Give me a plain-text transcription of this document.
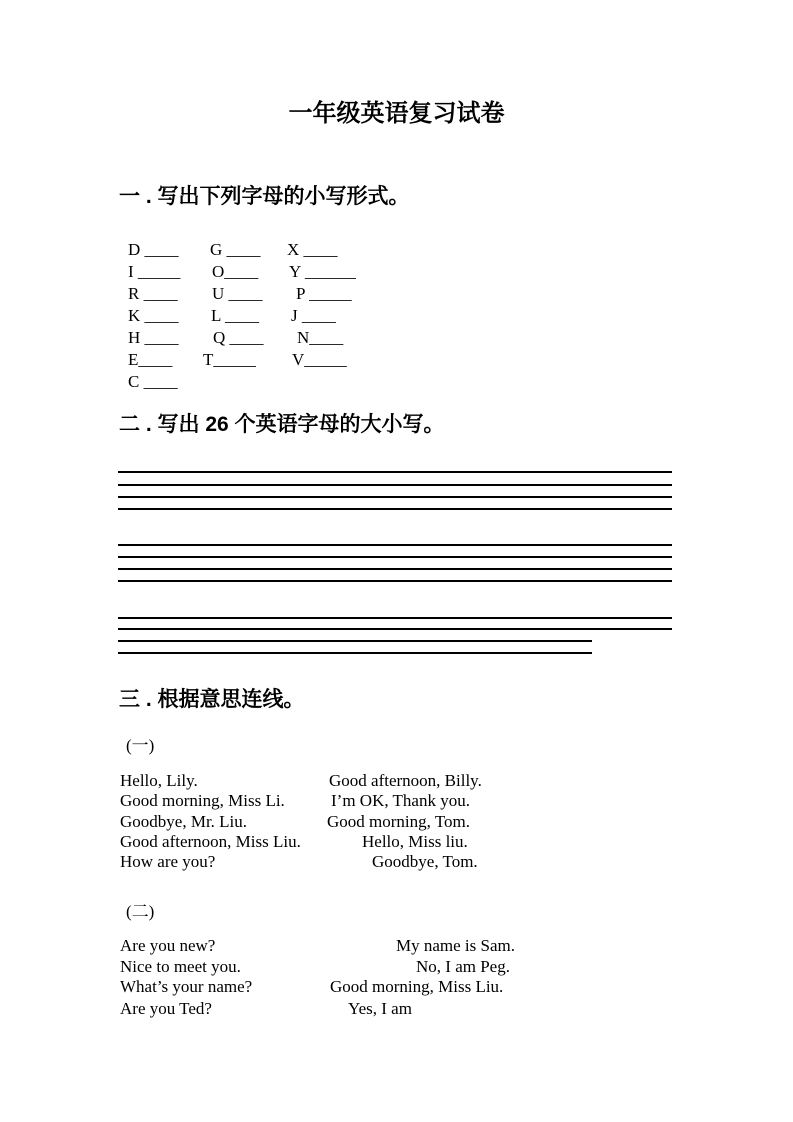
一年级英语复习试卷
一 . 写出下列字母的小写形式。
D ____ G ____ X ____
I _____ O____ Y ______
R ____ U ____ P _____
K ____ L ____ J ____
H ____ Q ____ N____
E____ T_____ V_____
C ____
二 . 写出 26 个英语字母的大小写。
三 . 根据意思连线。
(一)
Hello, Lily.	Good afternoon, Billy.
Good morning, Miss Li.	I’m OK, Thank you.
Goodbye, Mr. Liu.	Good morning, Tom.
Good afternoon, Miss Liu.	Hello, Miss liu.
How are you?	Goodbye, Tom.
(二)
Are you new?	My name is Sam.
Nice to meet you.	No, I am Peg.
What’s your name?	Good morning, Miss Liu.
Are you Ted?	Yes, I am
